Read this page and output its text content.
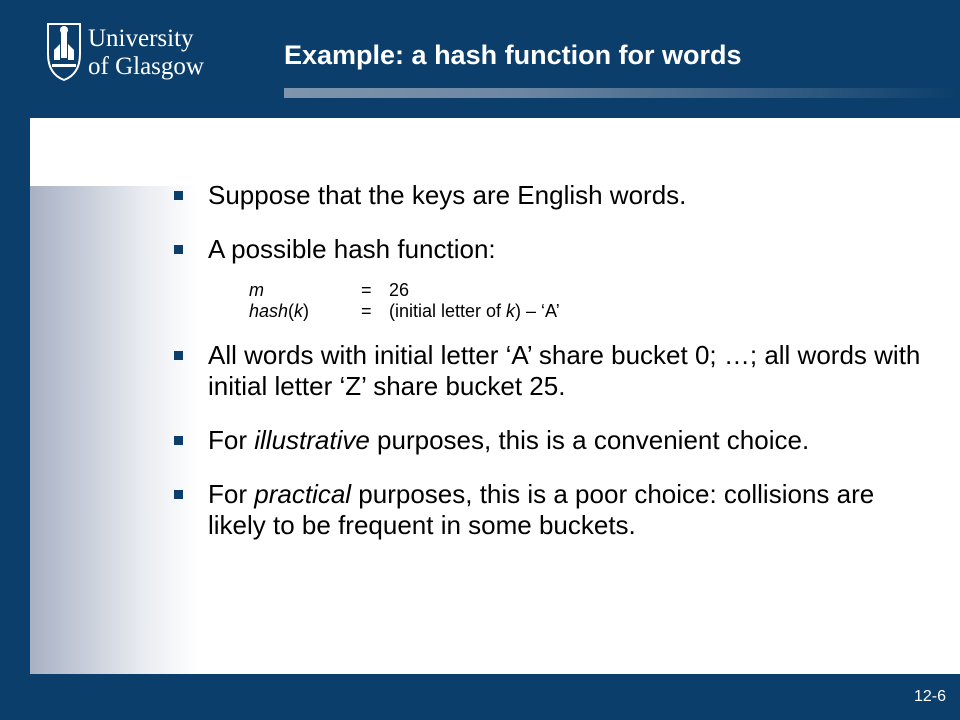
University
of Glasgow	Example: a hash function for words
Suppose that the keys are English words.
A possible hash function:
m	= 26
hash(k)	= (initial letter of k) – ‘A’
All words with initial letter ‘A’ share bucket 0; …; all words with initial letter ‘Z’ share bucket 25.
For illustrative purposes, this is a convenient choice.
For practical purposes, this is a poor choice: collisions are likely to be frequent in some buckets.
12-6
